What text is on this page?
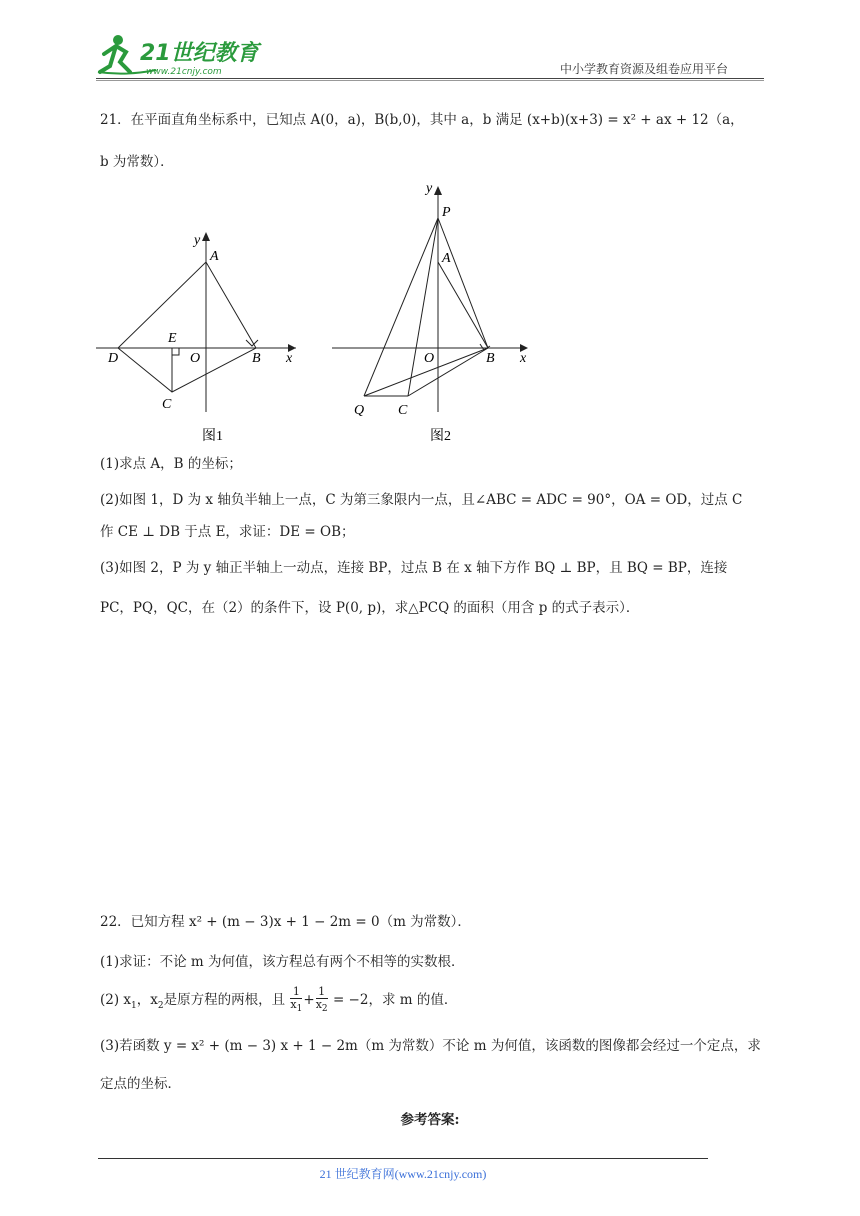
21世纪教育
www.21cnjy.com	中小学教育资源及组卷应用平台
21．在平面直角坐标系中，已知点 A(0，a)，B(b,0)，其中 a，b 满足 (x+b)(x+3) = x² + ax + 12（a，
b 为常数）．
y
A
E
D	O	B x
C
图1
y
P
A
O	B x
Q C
图2
(1)求点 A，B 的坐标；
(2)如图 1，D 为 x 轴负半轴上一点，C 为第三象限内一点，且∠ABC = ADC = 90°，OA = OD，过点 C
作 CE ⊥ DB 于点 E，求证：DE = OB；
(3)如图 2，P 为 y 轴正半轴上一动点，连接 BP，过点 B 在 x 轴下方作 BQ ⊥ BP，且 BQ = BP，连接
PC，PQ，QC，在（2）的条件下，设 P(0, p)，求△PCQ 的面积（用含 p 的式子表示）．
22．已知方程 x² + (m − 3)x + 1 − 2m = 0（m 为常数）．
(1)求证：不论 m 为何值，该方程总有两个不相等的实数根．
(2) $x_1$，$x_2$是原方程的两根，且 $\frac{1}{x_1} + \frac{1}{x_2} = -2$，求 m 的值．
(3)若函数 y = x² + (m − 3) x + 1 − 2m（m 为常数）不论 m 为何值，该函数的图像都会经过一个定点，求
定点的坐标．
参考答案:
21 世纪教育网(www.21cnjy.com)
